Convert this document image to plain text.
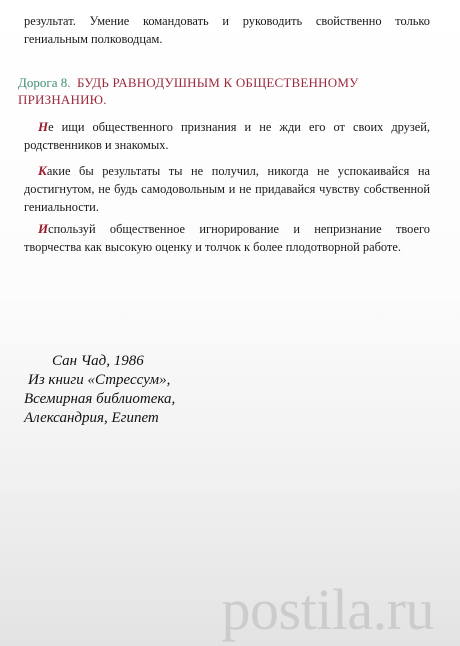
результат. Умение командовать и руководить свойственно только гениальным полководцам.

Дорога 8. БУДЬ РАВНОДУШНЫМ К ОБЩЕСТВЕННОМУ ПРИЗНАНИЮ.

Не ищи общественного признания и не жди его от своих друзей, родственников и знакомых.

Какие бы результаты ты не получил, никогда не успокаивайся на достигнутом, не будь самодовольным и не придавайся чувству собственной гениальности.

Используй общественное игнорирование и непризнание твоего творчества как высокую оценку и толчок к более плодотворной работе.

Сан Чад, 1986
Из книги «Стрессум»,
Всемирная библиотека,
Александрия, Египет
postila.ru
